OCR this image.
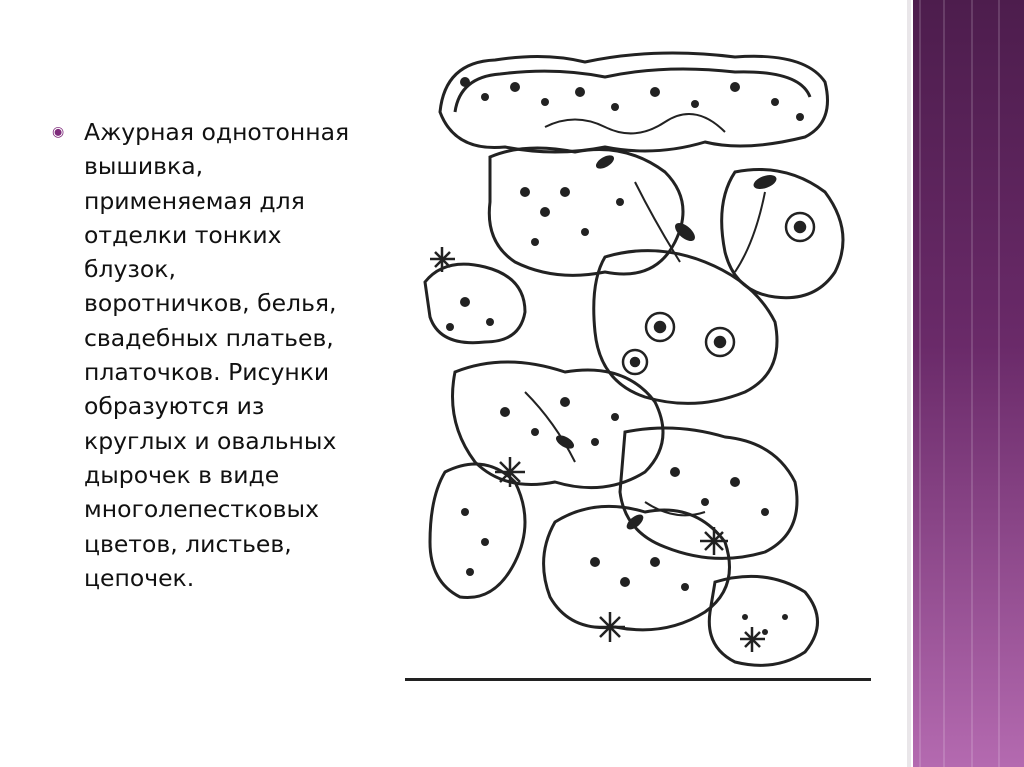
◉ Ажурная однотонная
вышивка,
применяемая для
отделки тонких
блузок,
воротничков, белья,
свадебных платьев,
платочков. Рисунки
образуются из
круглых и овальных
дырочек в виде
многолепестковых
цветов, листьев,
цепочек.
